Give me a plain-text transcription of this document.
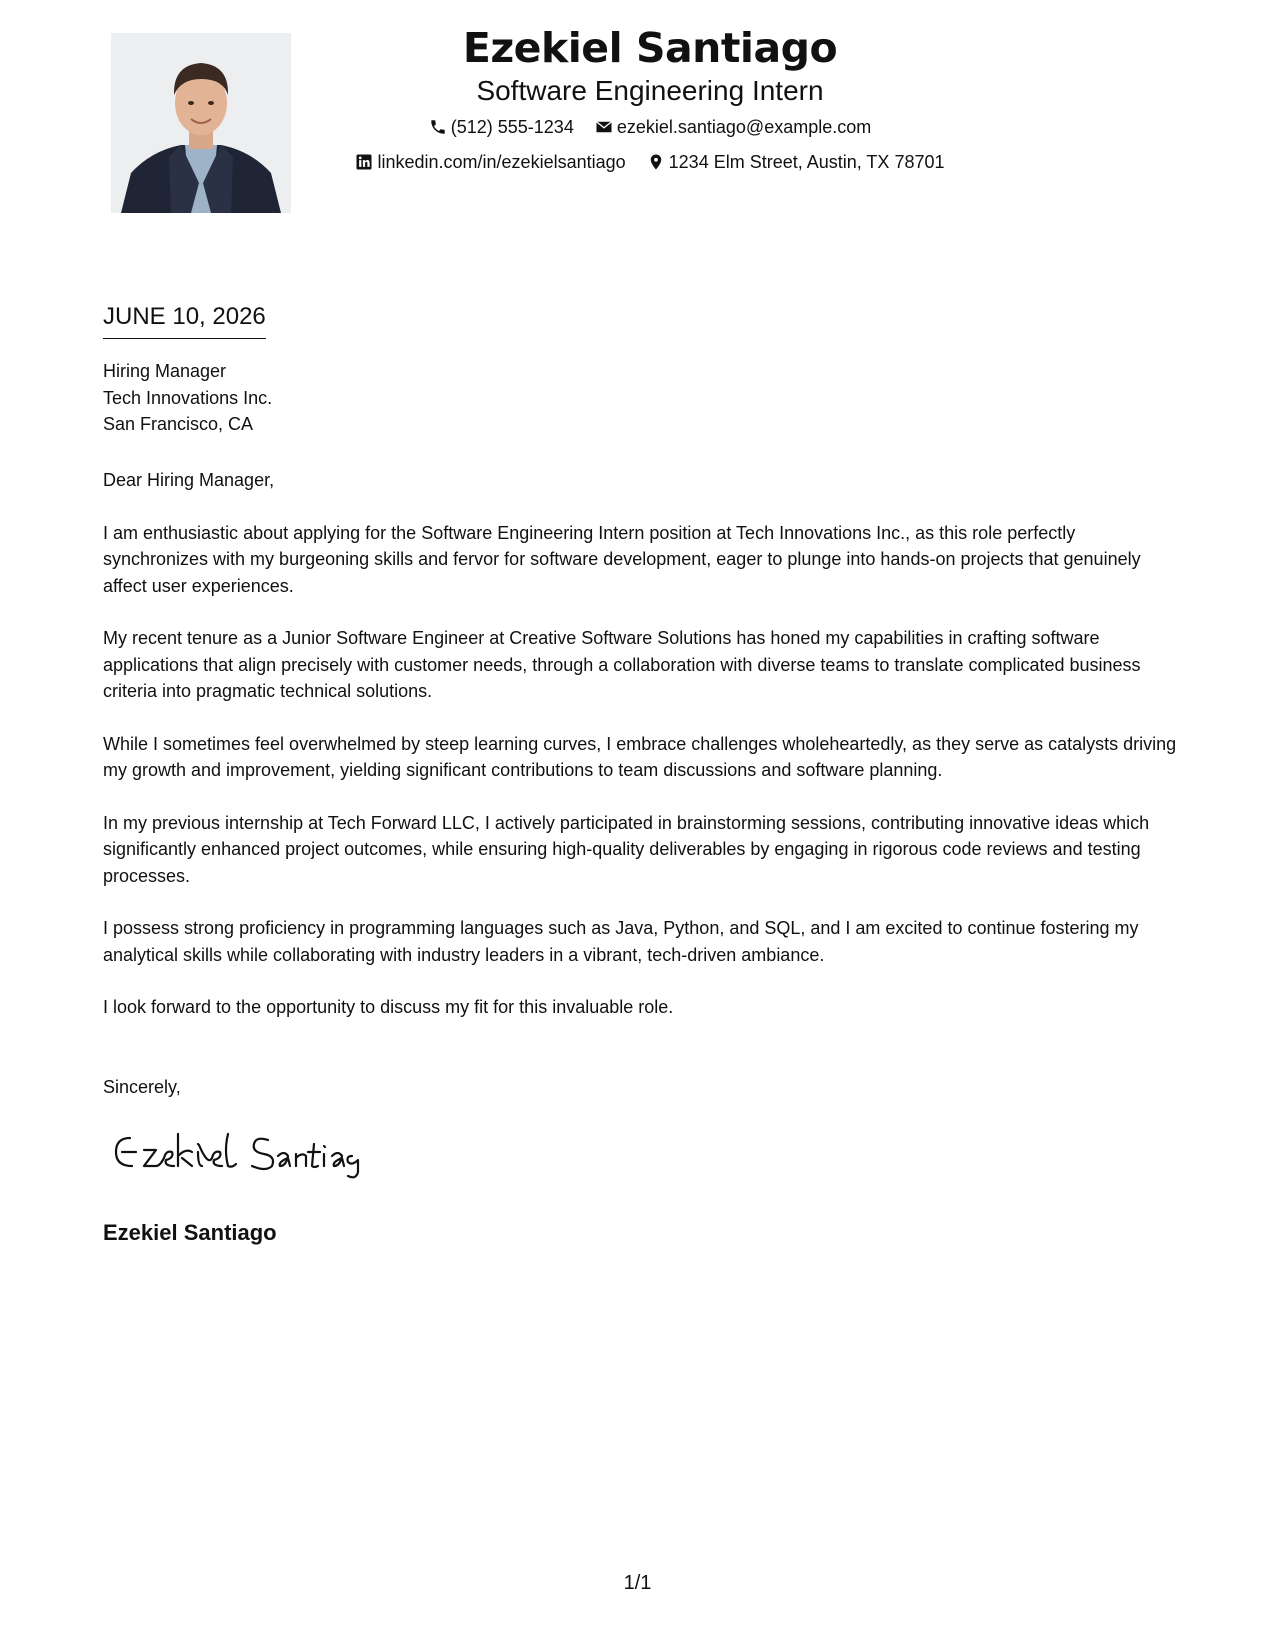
Ezekiel Santiago
Software Engineering Intern
(512) 555-1234
ezekiel.santiago@example.com
linkedin.com/in/ezekielsantiago
1234 Elm Street, Austin, TX 78701
JUNE 10, 2026
Hiring Manager
Tech Innovations Inc.
San Francisco, CA

Dear Hiring Manager,

I am enthusiastic about applying for the Software Engineering Intern position at Tech Innovations Inc., as this role perfectly synchronizes with my burgeoning skills and fervor for software development, eager to plunge into hands-on projects that genuinely affect user experiences.

My recent tenure as a Junior Software Engineer at Creative Software Solutions has honed my capabilities in crafting software applications that align precisely with customer needs, through a collaboration with diverse teams to translate complicated business criteria into pragmatic technical solutions.

While I sometimes feel overwhelmed by steep learning curves, I embrace challenges wholeheartedly, as they serve as catalysts driving my growth and improvement, yielding significant contributions to team discussions and software planning.

In my previous internship at Tech Forward LLC, I actively participated in brainstorming sessions, contributing innovative ideas which significantly enhanced project outcomes, while ensuring high-quality deliverables by engaging in rigorous code reviews and testing processes.

I possess strong proficiency in programming languages such as Java, Python, and SQL, and I am excited to continue fostering my analytical skills while collaborating with industry leaders in a vibrant, tech-driven ambiance.

I look forward to the opportunity to discuss my fit for this invaluable role.

Sincerely,
Ezekiel Santiago
1/1
